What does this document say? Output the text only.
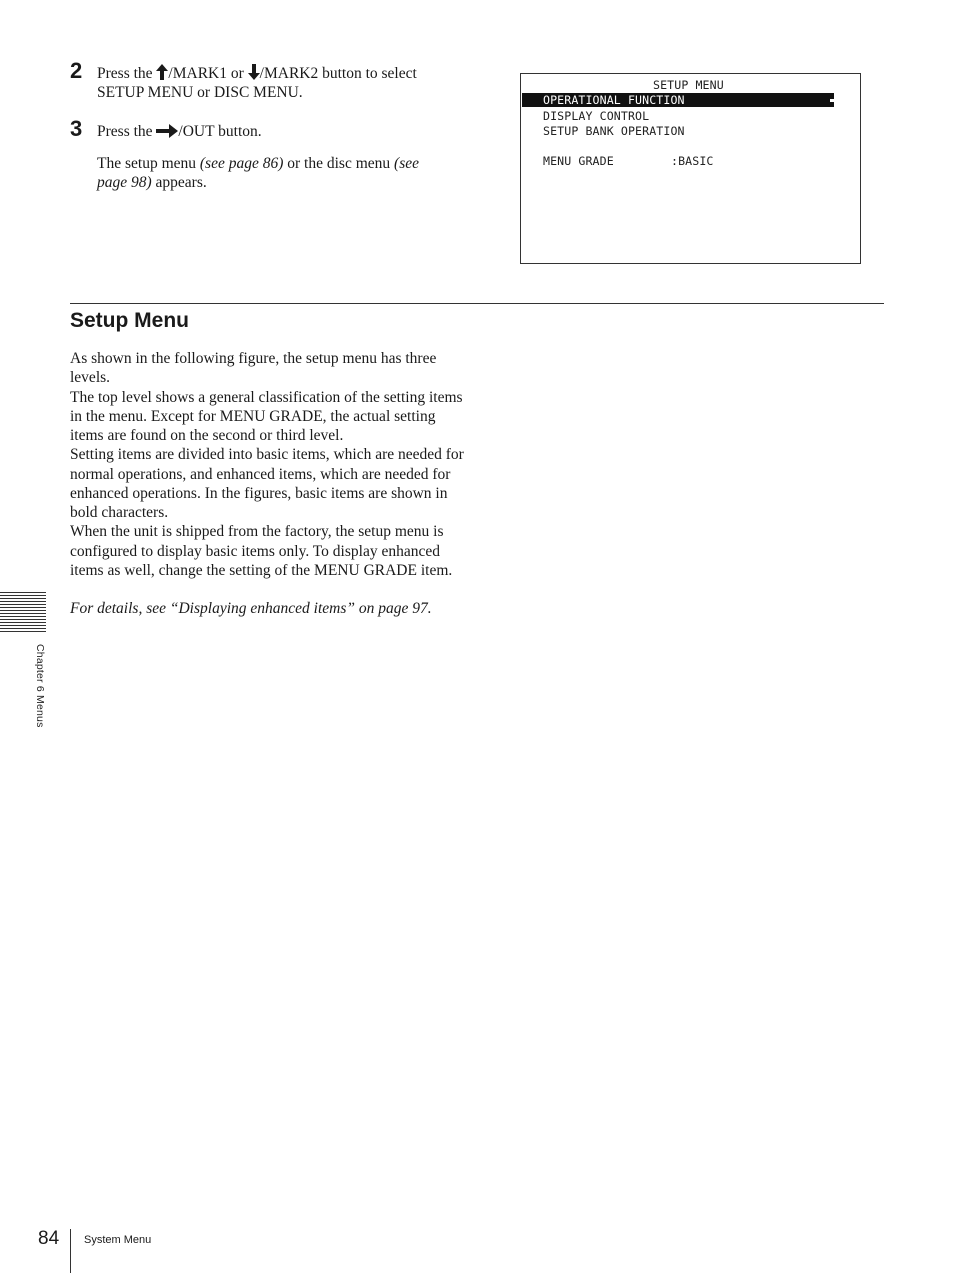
2 Press the /MARK1 or /MARK2 button to select
SETUP MENU or DISC MENU.
3 Press the /OUT button.
The setup menu (see page 86) or the disc menu (see
page 98) appears.
SETUP MENU
OPERATIONAL FUNCTION
DISPLAY CONTROL
SETUP BANK OPERATION
MENU GRADE	:BASIC
Setup Menu

As shown in the following figure, the setup menu has three levels.

The top level shows a general classification of the setting items in the menu. Except for MENU GRADE, the actual setting items are found on the second or third level.

Setting items are divided into basic items, which are needed for normal operations, and enhanced items, which are needed for enhanced operations. In the figures, basic items are shown in bold characters.

When the unit is shipped from the factory, the setup menu is configured to display basic items only. To display enhanced items as well, change the setting of the MENU GRADE item.

For details, see “Displaying enhanced items” on page 97.

Chapter 6 Menus
84 System Menu
